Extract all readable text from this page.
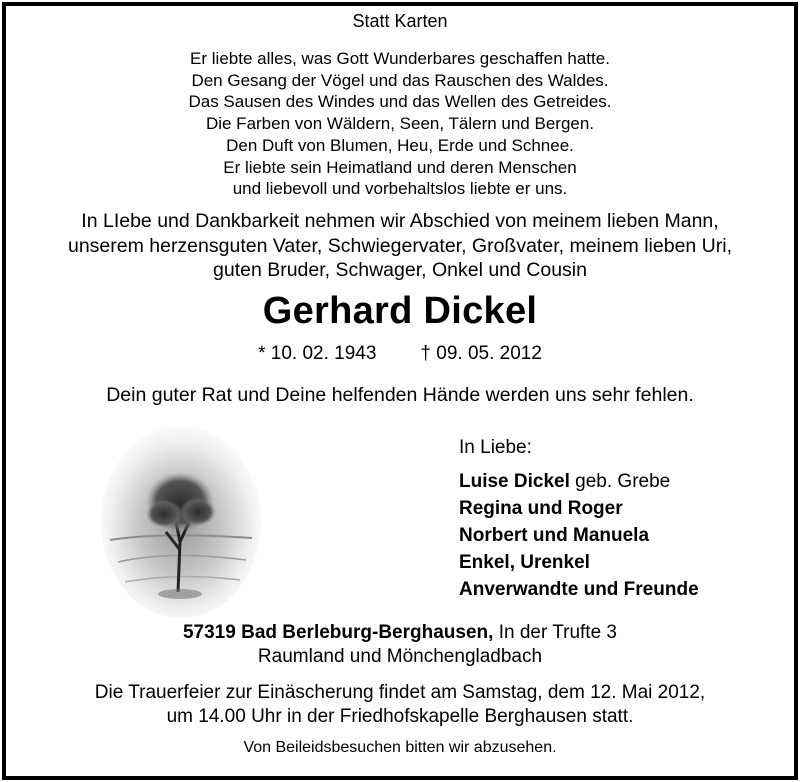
Statt Karten
Er liebte alles, was Gott Wunderbares geschaffen hatte.
Den Gesang der Vögel und das Rauschen des Waldes.
Das Sausen des Windes und das Wellen des Getreides.
Die Farben von Wäldern, Seen, Tälern und Bergen.
Den Duft von Blumen, Heu, Erde und Schnee.
Er liebte sein Heimatland und deren Menschen
und liebevoll und vorbehaltslos liebte er uns.
In LIebe und Dankbarkeit nehmen wir Abschied von meinem lieben Mann,
unserem herzensguten Vater, Schwiegervater, Großvater, meinem lieben Uri,
guten Bruder, Schwager, Onkel und Cousin
Gerhard Dickel
* 10. 02. 1943 † 09. 05. 2012
Dein guter Rat und Deine helfenden Hände werden uns sehr fehlen.
In Liebe:
Luise Dickel geb. Grebe
Regina und Roger
Norbert und Manuela
Enkel, Urenkel
Anverwandte und Freunde
57319 Bad Berleburg-Berghausen, In der Trufte 3
Raumland und Mönchengladbach
Die Trauerfeier zur Einäscherung findet am Samstag, dem 12. Mai 2012,
um 14.00 Uhr in der Friedhofskapelle Berghausen statt.
Von Beileidsbesuchen bitten wir abzusehen.
